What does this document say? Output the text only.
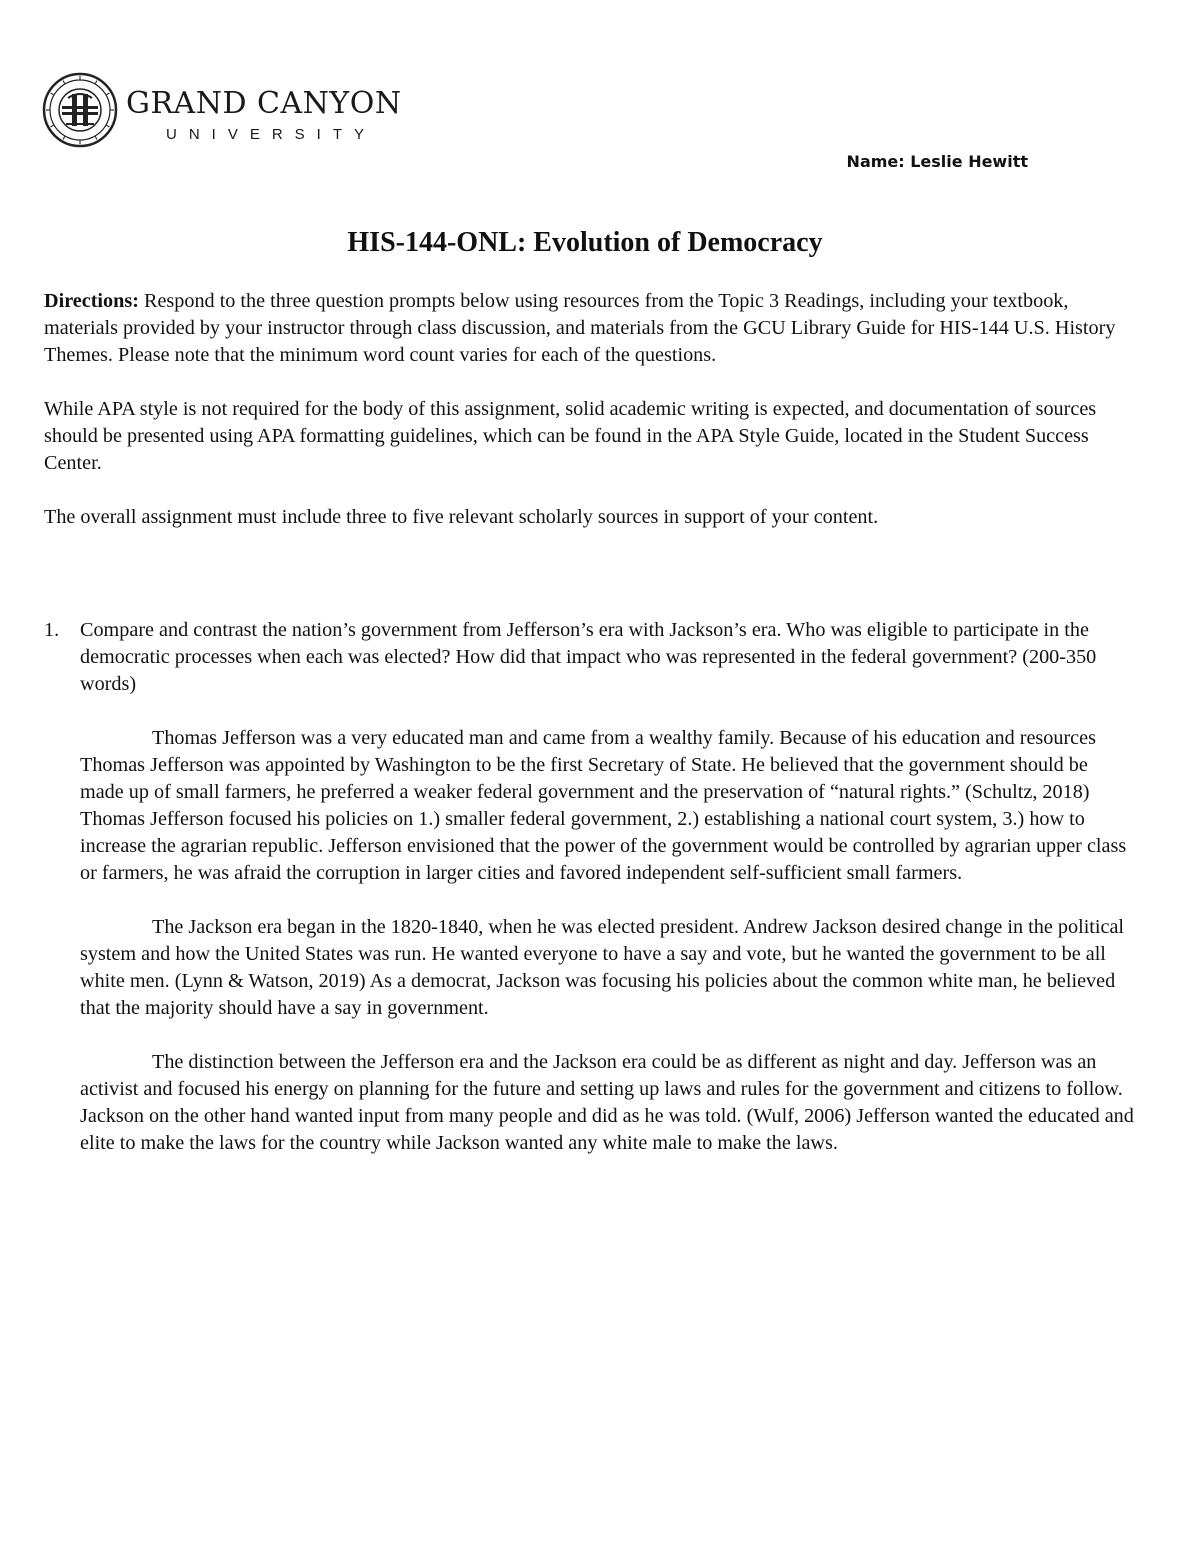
GRAND CANYON
UNIVERSITY
Name: Leslie Hewitt
HIS-144-ONL: Evolution of Democracy

Directions: Respond to the three question prompts below using resources from the Topic 3 Readings, including your textbook, materials provided by your instructor through class discussion, and materials from the GCU Library Guide for HIS-144 U.S. History Themes. Please note that the minimum word count varies for each of the questions.

While APA style is not required for the body of this assignment, solid academic writing is expected, and documentation of sources should be presented using APA formatting guidelines, which can be found in the APA Style Guide, located in the Student Success Center.

The overall assignment must include three to five relevant scholarly sources in support of your content.

1. Compare and contrast the nation’s government from Jefferson’s era with Jackson’s era. Who was eligible to participate in the democratic processes when each was elected? How did that impact who was represented in the federal government? (200-350 words)

Thomas Jefferson was a very educated man and came from a wealthy family. Because of his education and resources Thomas Jefferson was appointed by Washington to be the first Secretary of State. He believed that the government should be made up of small farmers, he preferred a weaker federal government and the preservation of “natural rights.” (Schultz, 2018) Thomas Jefferson focused his policies on 1.) smaller federal government, 2.) establishing a national court system, 3.) how to increase the agrarian republic. Jefferson envisioned that the power of the government would be controlled by agrarian upper class or farmers, he was afraid the corruption in larger cities and favored independent self-sufficient small farmers.

The Jackson era began in the 1820-1840, when he was elected president. Andrew Jackson desired change in the political system and how the United States was run. He wanted everyone to have a say and vote, but he wanted the government to be all white men. (Lynn & Watson, 2019) As a democrat, Jackson was focusing his policies about the common white man, he believed that the majority should have a say in government.

The distinction between the Jefferson era and the Jackson era could be as different as night and day. Jefferson was an activist and focused his energy on planning for the future and setting up laws and rules for the government and citizens to follow. Jackson on the other hand wanted input from many people and did as he was told. (Wulf, 2006) Jefferson wanted the educated and elite to make the laws for the country while Jackson wanted any white male to make the laws.
